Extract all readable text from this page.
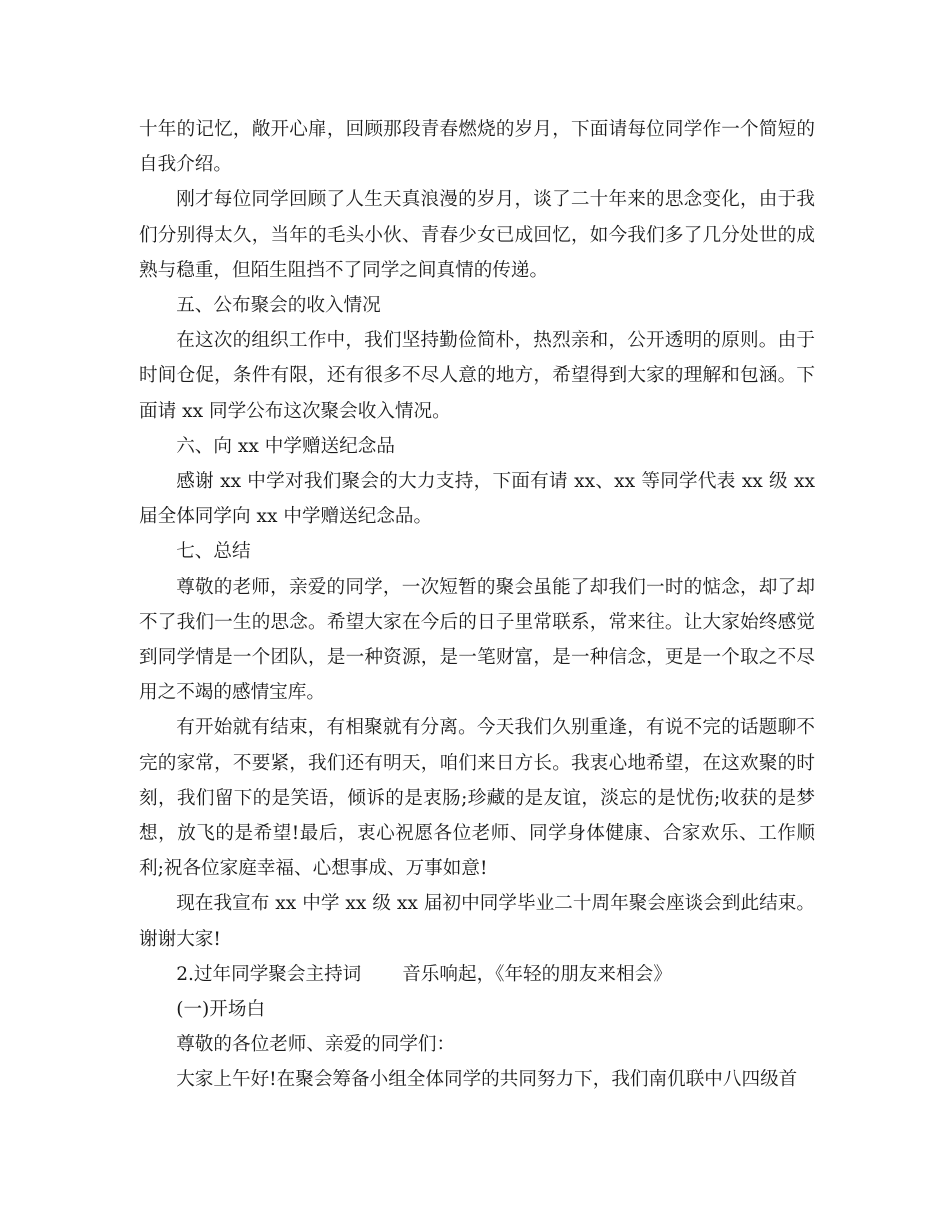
十年的记忆，敞开心扉，回顾那段青春燃烧的岁月，下面请每位同学作一个简短的自我介绍。

刚才每位同学回顾了人生天真浪漫的岁月，谈了二十年来的思念变化，由于我们分别得太久，当年的毛头小伙、青春少女已成回忆，如今我们多了几分处世的成熟与稳重，但陌生阻挡不了同学之间真情的传递。

五、公布聚会的收入情况

在这次的组织工作中，我们坚持勤俭简朴，热烈亲和，公开透明的原则。由于时间仓促，条件有限，还有很多不尽人意的地方，希望得到大家的理解和包涵。下面请 xx 同学公布这次聚会收入情况。

六、向 xx 中学赠送纪念品

感谢 xx 中学对我们聚会的大力支持，下面有请 xx、xx 等同学代表 xx 级 xx 届全体同学向 xx 中学赠送纪念品。

七、总结

尊敬的老师，亲爱的同学，一次短暂的聚会虽能了却我们一时的惦念，却了却不了我们一生的思念。希望大家在今后的日子里常联系，常来往。让大家始终感觉到同学情是一个团队，是一种资源，是一笔财富，是一种信念，更是一个取之不尽用之不竭的感情宝库。

有开始就有结束，有相聚就有分离。今天我们久别重逢，有说不完的话题聊不完的家常，不要紧，我们还有明天，咱们来日方长。我衷心地希望，在这欢聚的时刻，我们留下的是笑语，倾诉的是衷肠;珍藏的是友谊，淡忘的是忧伤;收获的是梦想，放飞的是希望!最后，衷心祝愿各位老师、同学身体健康、合家欢乐、工作顺利;祝各位家庭幸福、心想事成、万事如意!

现在我宣布 xx 中学 xx 级 xx 届初中同学毕业二十周年聚会座谈会到此结束。谢谢大家!

2.过年同学聚会主持词 音乐响起，《年轻的朋友来相会》

(一)开场白

尊敬的各位老师、亲爱的同学们：

大家上午好!在聚会筹备小组全体同学的共同努力下，我们南仉联中八四级首
